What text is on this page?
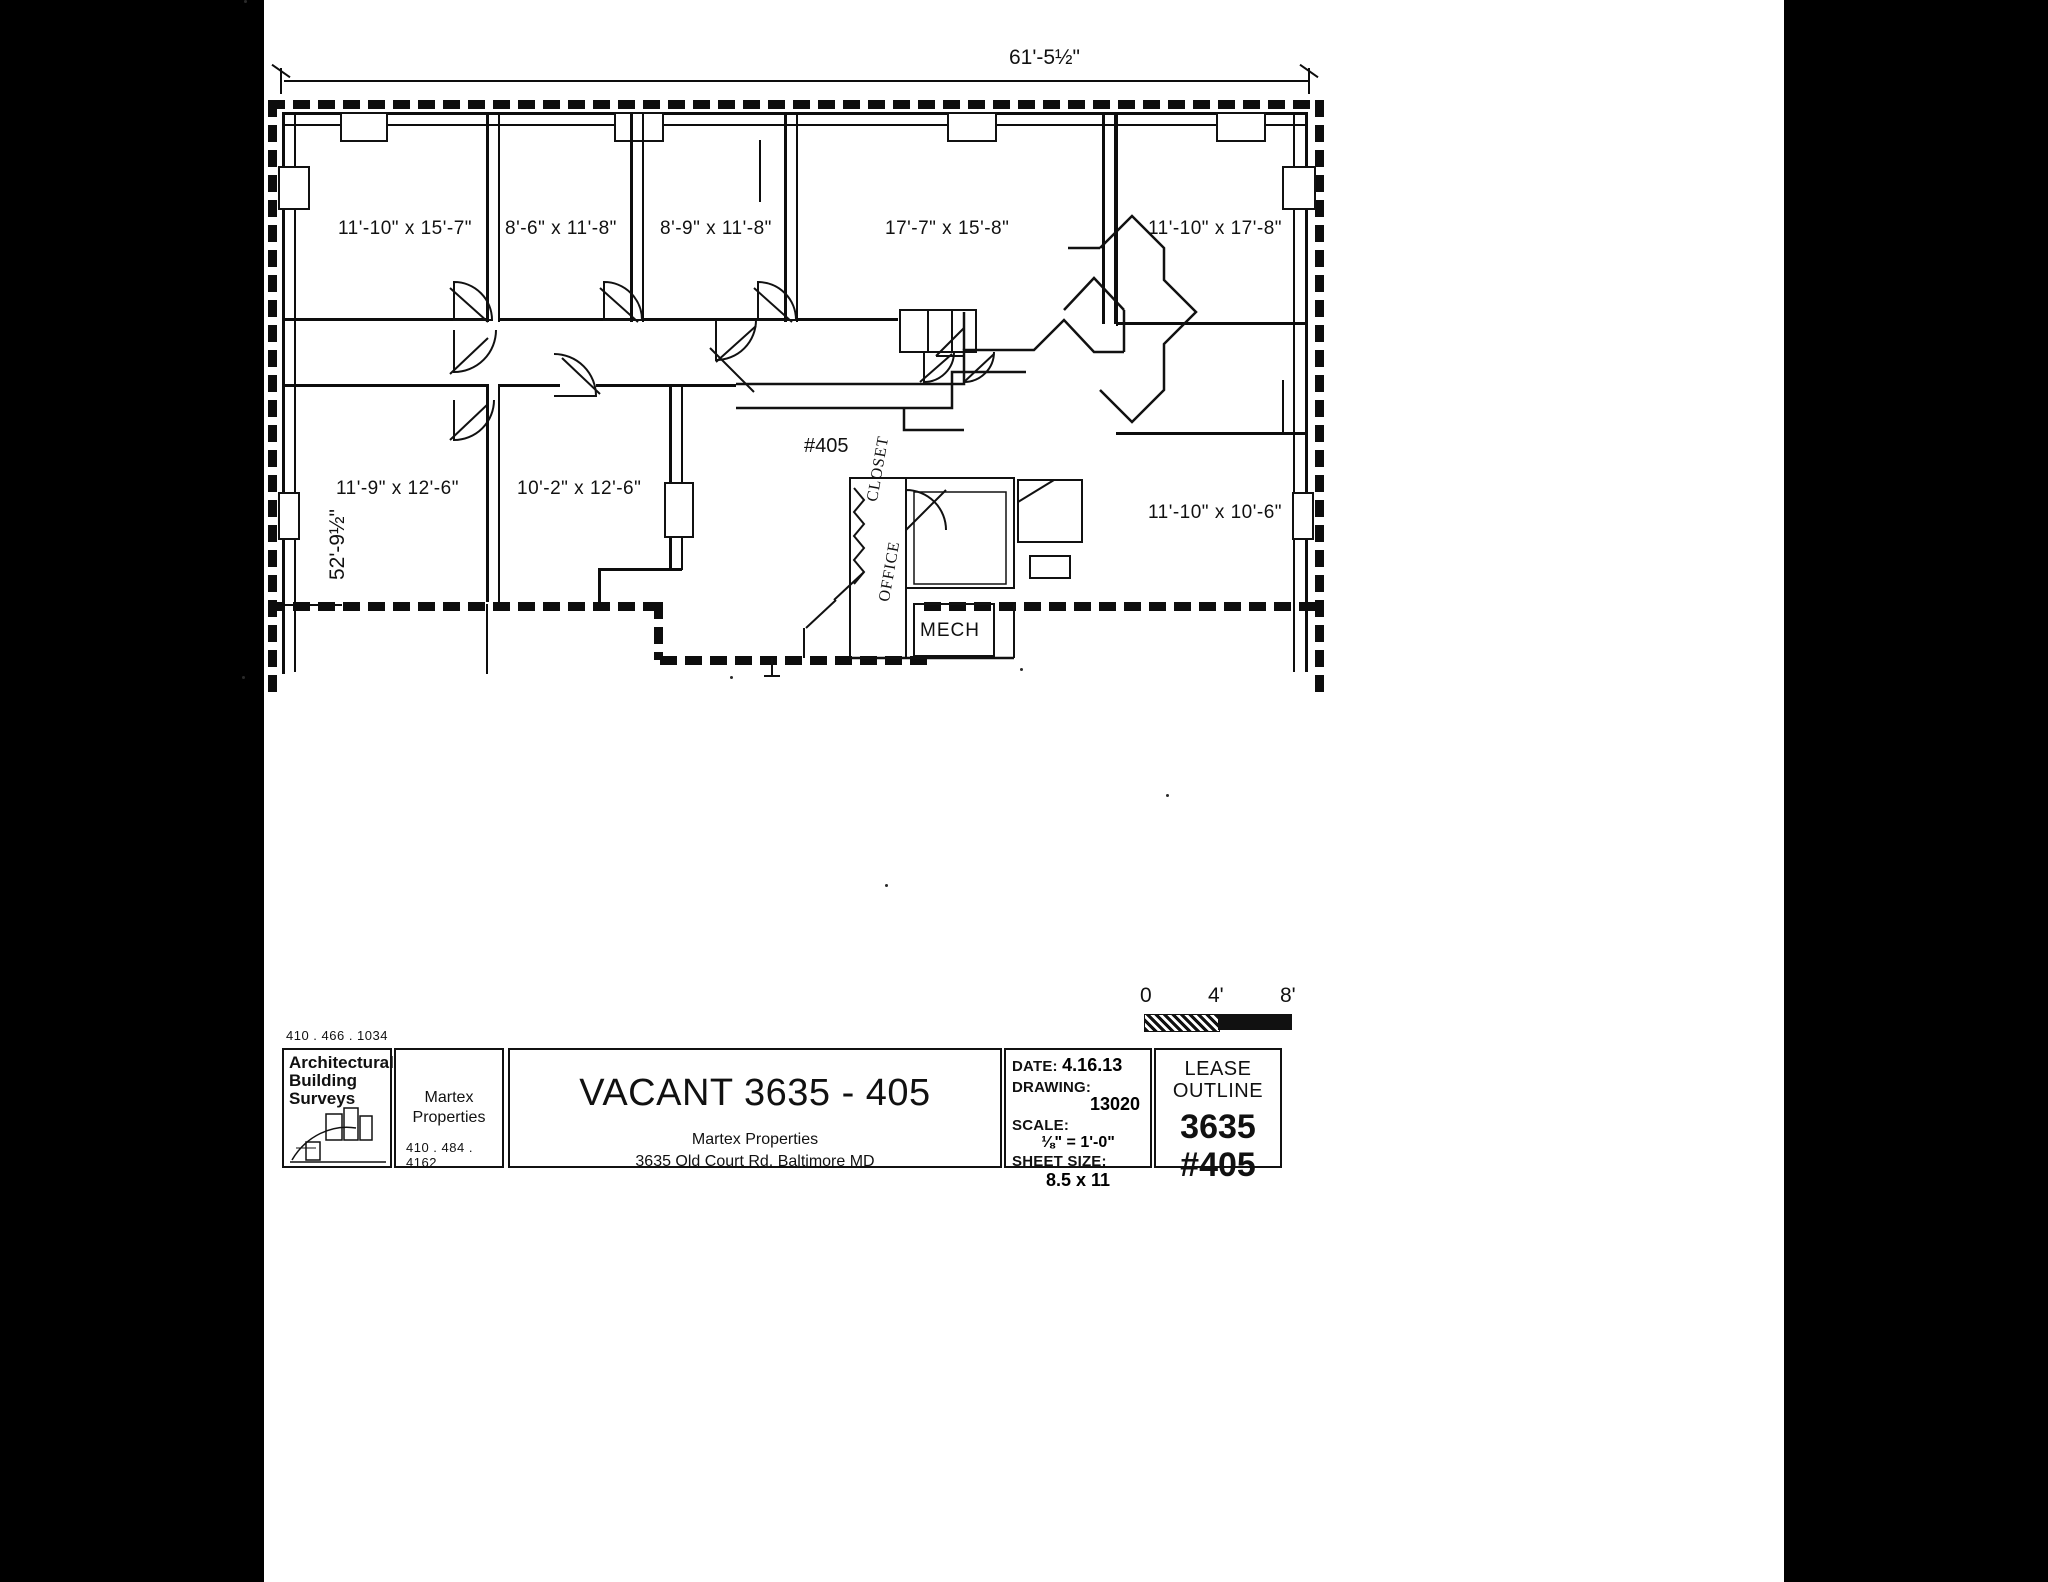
61'-5½"
#405
MECH
CLOSET
OFFICE
11'-10" x 15'-7" 8'-6" x 11'-8" 8'-9" x 11'-8"	17'-7" x 15'-8"	11'-10" x 17'-8"
11'-9" x 12'-6"	10'-2" x 12'-6"
11'-10" x 10'-6"
52'-9½"
0	4'	8'
410 . 466 . 1034
Architectural
Building
Surveys	Martex
Properties
410 . 484 . 4162
VACANT 3635 - 405
Martex Properties
3635 Old Court Rd, Baltimore MD
DATE: 4.16.13
DRAWING:
13020
SCALE:
⅛" = 1'-0"
SHEET SIZE:
8.5 x 11
LEASE
OUTLINE
3635
#405
